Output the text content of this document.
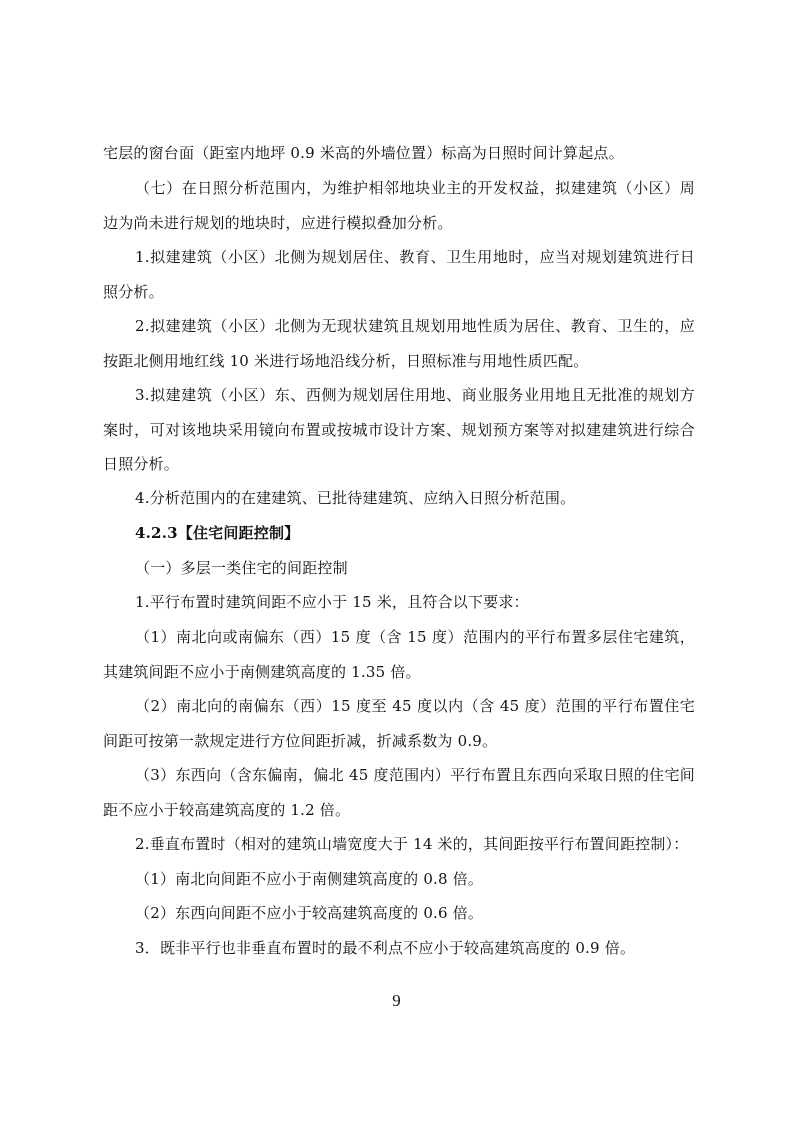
宅层的窗台面（距室内地坪 0.9 米高的外墙位置）标高为日照时间计算起点。

（七）在日照分析范围内，为维护相邻地块业主的开发权益，拟建建筑（小区）周边为尚未进行规划的地块时，应进行模拟叠加分析。

1.拟建建筑（小区）北侧为规划居住、教育、卫生用地时，应当对规划建筑进行日照分析。

2.拟建建筑（小区）北侧为无现状建筑且规划用地性质为居住、教育、卫生的，应按距北侧用地红线 10 米进行场地沿线分析，日照标准与用地性质匹配。

3.拟建建筑（小区）东、西侧为规划居住用地、商业服务业用地且无批准的规划方案时，可对该地块采用镜向布置或按城市设计方案、规划预方案等对拟建建筑进行综合日照分析。

4.分析范围内的在建建筑、已批待建建筑、应纳入日照分析范围。

4.2.3【住宅间距控制】

（一）多层一类住宅的间距控制

1.平行布置时建筑间距不应小于 15 米，且符合以下要求：

（1）南北向或南偏东（西）15 度（含 15 度）范围内的平行布置多层住宅建筑，其建筑间距不应小于南侧建筑高度的 1.35 倍。

（2）南北向的南偏东（西）15 度至 45 度以内（含 45 度）范围的平行布置住宅间距可按第一款规定进行方位间距折减，折减系数为 0.9。

（3）东西向（含东偏南，偏北 45 度范围内）平行布置且东西向采取日照的住宅间距不应小于较高建筑高度的 1.2 倍。

2.垂直布置时（相对的建筑山墙宽度大于 14 米的，其间距按平行布置间距控制）：

（1）南北向间距不应小于南侧建筑高度的 0.8 倍。

（2）东西向间距不应小于较高建筑高度的 0.6 倍。

3．既非平行也非垂直布置时的最不利点不应小于较高建筑高度的 0.9 倍。

9
